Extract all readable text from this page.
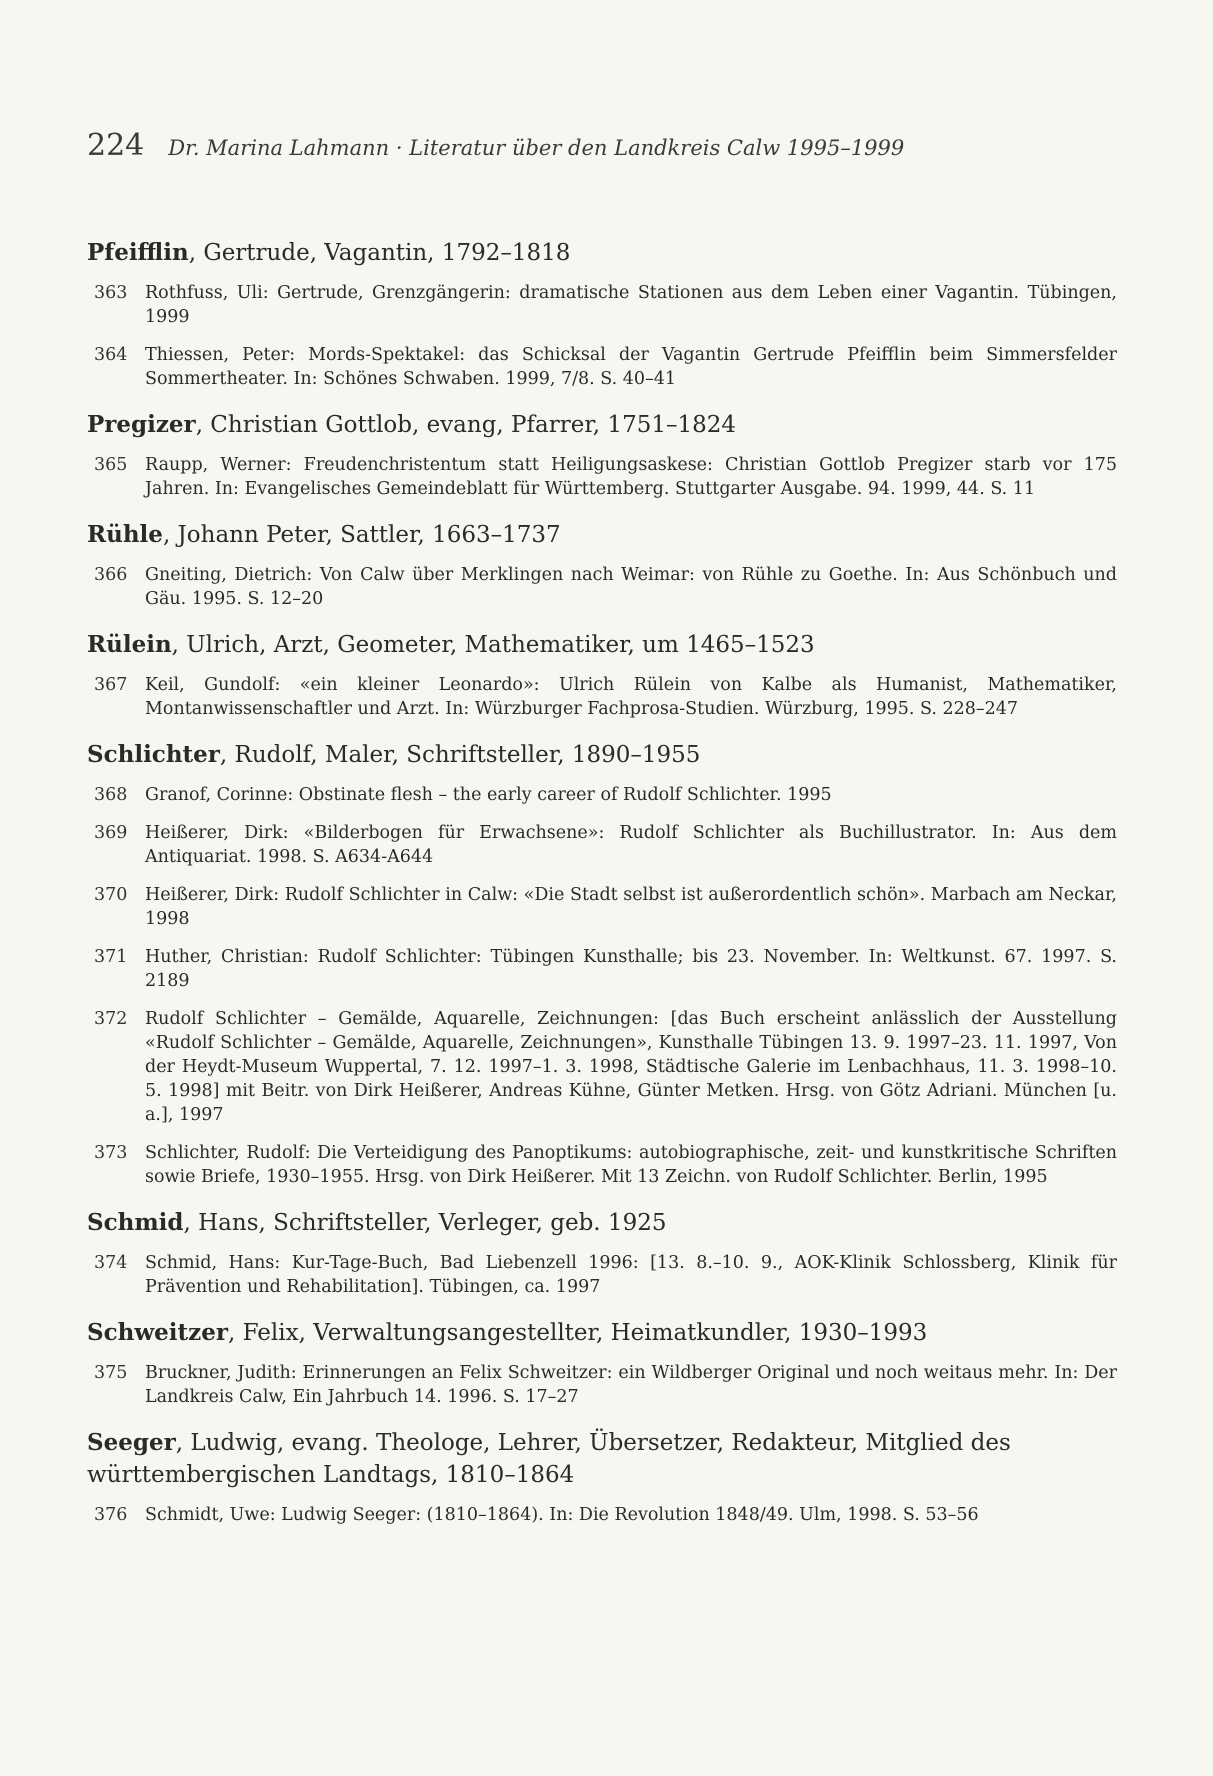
224 Dr. Marina Lahmann · Literatur über den Landkreis Calw 1995–1999
Pfeifflin, Gertrude, Vagantin, 1792–1818
363	Rothfuss, Uli: Gertrude, Grenzgängerin: dramatische Stationen aus dem Leben einer Vagantin. Tübingen, 1999
364	Thiessen, Peter: Mords-Spektakel: das Schicksal der Vagantin Gertrude Pfeifflin beim Simmersfelder Sommertheater. In: Schönes Schwaben. 1999, 7/8. S. 40–41
Pregizer, Christian Gottlob, evang, Pfarrer, 1751–1824
365	Raupp, Werner: Freudenchristentum statt Heiligungsaskese: Christian Gottlob Pregizer starb vor 175 Jahren. In: Evangelisches Gemeindeblatt für Württemberg. Stuttgarter Ausgabe. 94. 1999, 44. S. 11
Rühle, Johann Peter, Sattler, 1663–1737
366	Gneiting, Dietrich: Von Calw über Merklingen nach Weimar: von Rühle zu Goethe. In: Aus Schönbuch und Gäu. 1995. S. 12–20
Rülein, Ulrich, Arzt, Geometer, Mathematiker, um 1465–1523
367	Keil, Gundolf: «ein kleiner Leonardo»: Ulrich Rülein von Kalbe als Humanist, Mathematiker, Montanwissenschaftler und Arzt. In: Würzburger Fachprosa-Studien. Würzburg, 1995. S. 228–247
Schlichter, Rudolf, Maler, Schriftsteller, 1890–1955
368	Granof, Corinne: Obstinate flesh – the early career of Rudolf Schlichter. 1995
369	Heißerer, Dirk: «Bilderbogen für Erwachsene»: Rudolf Schlichter als Buchillustrator. In: Aus dem Antiquariat. 1998. S. A634-A644
370	Heißerer, Dirk: Rudolf Schlichter in Calw: «Die Stadt selbst ist außerordentlich schön». Marbach am Neckar, 1998
371	Huther, Christian: Rudolf Schlichter: Tübingen Kunsthalle; bis 23. November. In: Weltkunst. 67. 1997. S. 2189
372	Rudolf Schlichter – Gemälde, Aquarelle, Zeichnungen: [das Buch erscheint anlässlich der Ausstellung «Rudolf Schlichter – Gemälde, Aquarelle, Zeichnungen», Kunsthalle Tübingen 13. 9. 1997–23. 11. 1997, Von der Heydt-Museum Wuppertal, 7. 12. 1997–1. 3. 1998, Städtische Galerie im Lenbachhaus, 11. 3. 1998–10. 5. 1998] mit Beitr. von Dirk Heißerer, Andreas Kühne, Günter Metken. Hrsg. von Götz Adriani. München [u. a.], 1997
373	Schlichter, Rudolf: Die Verteidigung des Panoptikums: autobiographische, zeit- und kunstkritische Schriften sowie Briefe, 1930–1955. Hrsg. von Dirk Heißerer. Mit 13 Zeichn. von Rudolf Schlichter. Berlin, 1995
Schmid, Hans, Schriftsteller, Verleger, geb. 1925
374	Schmid, Hans: Kur-Tage-Buch, Bad Liebenzell 1996: [13. 8.–10. 9., AOK-Klinik Schlossberg, Klinik für Prävention und Rehabilitation]. Tübingen, ca. 1997
Schweitzer, Felix, Verwaltungsangestellter, Heimatkundler, 1930–1993
375	Bruckner, Judith: Erinnerungen an Felix Schweitzer: ein Wildberger Original und noch weitaus mehr. In: Der Landkreis Calw, Ein Jahrbuch 14. 1996. S. 17–27
Seeger, Ludwig, evang. Theologe, Lehrer, Übersetzer, Redakteur, Mitglied des württembergischen Landtags, 1810–1864
376	Schmidt, Uwe: Ludwig Seeger: (1810–1864). In: Die Revolution 1848/49. Ulm, 1998. S. 53–56
